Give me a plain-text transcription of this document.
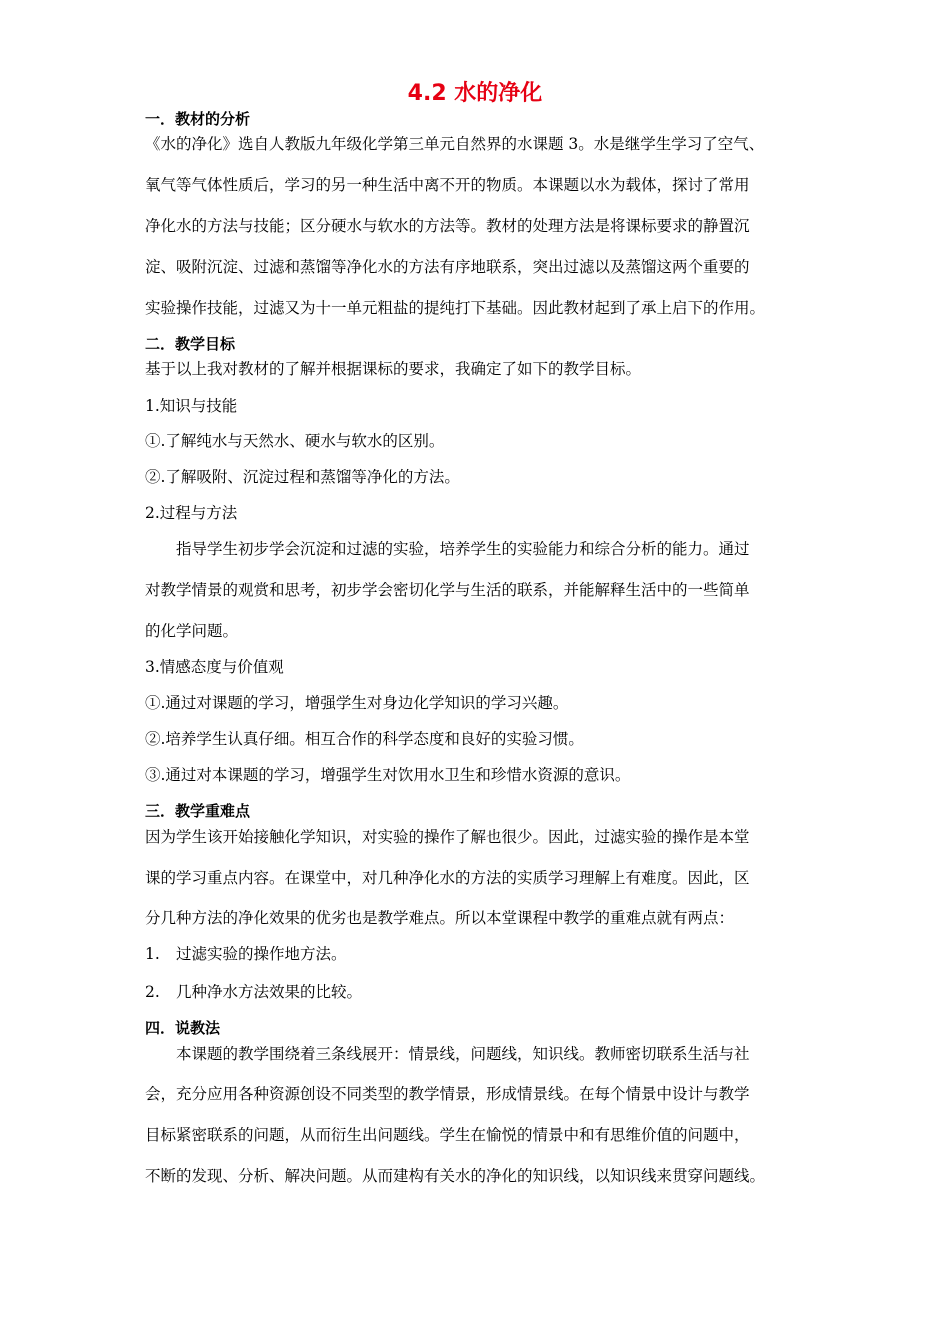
4.2 水的净化
一．教材的分析
《水的净化》选自人教版九年级化学第三单元自然界的水课题 3。水是继学生学习了空气、
氧气等气体性质后，学习的另一种生活中离不开的物质。本课题以水为载体，探讨了常用
净化水的方法与技能；区分硬水与软水的方法等。教材的处理方法是将课标要求的静置沉
淀、吸附沉淀、过滤和蒸馏等净化水的方法有序地联系，突出过滤以及蒸馏这两个重要的
实验操作技能，过滤又为十一单元粗盐的提纯打下基础。因此教材起到了承上启下的作用。
二．教学目标
基于以上我对教材的了解并根据课标的要求，我确定了如下的教学目标。
1.知识与技能
①.了解纯水与天然水、硬水与软水的区别。
②.了解吸附、沉淀过程和蒸馏等净化的方法。
2.过程与方法
指导学生初步学会沉淀和过滤的实验，培养学生的实验能力和综合分析的能力。通过
对教学情景的观赏和思考，初步学会密切化学与生活的联系，并能解释生活中的一些简单
的化学问题。
3.情感态度与价值观
①.通过对课题的学习，增强学生对身边化学知识的学习兴趣。
②.培养学生认真仔细。相互合作的科学态度和良好的实验习惯。
③.通过对本课题的学习，增强学生对饮用水卫生和珍惜水资源的意识。
三．教学重难点
因为学生该开始接触化学知识，对实验的操作了解也很少。因此，过滤实验的操作是本堂
课的学习重点内容。在课堂中，对几种净化水的方法的实质学习理解上有难度。因此，区
分几种方法的净化效果的优劣也是教学难点。所以本堂课程中教学的重难点就有两点：
1.	过滤实验的操作地方法。
2.	几种净水方法效果的比较。
四．说教法
本课题的教学围绕着三条线展开：情景线，问题线，知识线。教师密切联系生活与社
会，充分应用各种资源创设不同类型的教学情景，形成情景线。在每个情景中设计与教学
目标紧密联系的问题，从而衍生出问题线。学生在愉悦的情景中和有思维价值的问题中，
不断的发现、分析、解决问题。从而建构有关水的净化的知识线，以知识线来贯穿问题线。
